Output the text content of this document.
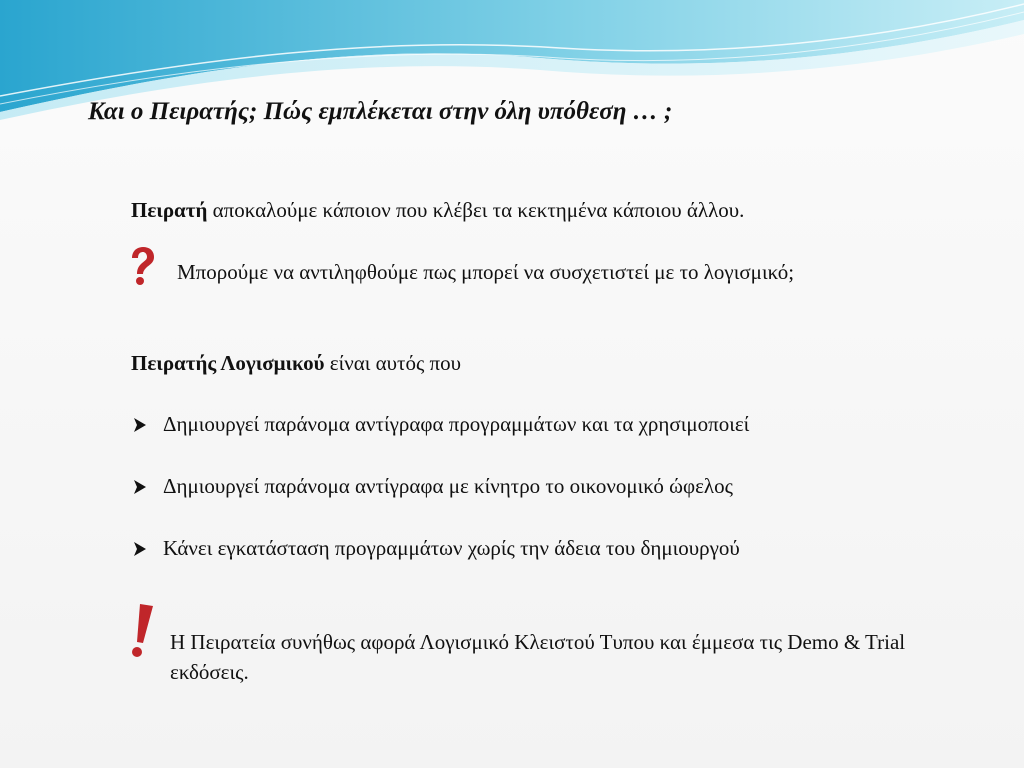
Και ο Πειρατής; Πώς εμπλέκεται στην όλη υπόθεση … ;
Πειρατή αποκαλούμε κάποιον που κλέβει τα κεκτημένα κάποιου άλλου.
Μπορούμε να αντιληφθούμε πως μπορεί να συσχετιστεί με το λογισμικό;
Πειρατής Λογισμικού είναι αυτός που
Δημιουργεί παράνομα αντίγραφα προγραμμάτων και τα χρησιμοποιεί
Δημιουργεί παράνομα αντίγραφα με κίνητρο το οικονομικό ώφελος
Κάνει εγκατάσταση προγραμμάτων χωρίς την άδεια του δημιουργού
Η Πειρατεία συνήθως αφορά Λογισμικό Κλειστού Τυπου και έμμεσα τις Demo & Trial εκδόσεις.
